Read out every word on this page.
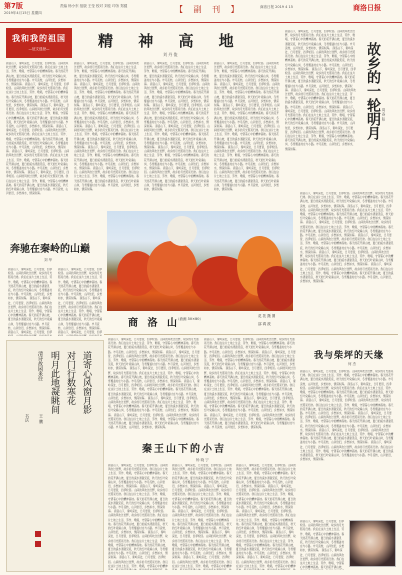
第7版
2019年4月15日 星期四
责编 杨小东 组版 王莹 校对 刘佳 印务 郑健	【 副 刊 】	商洛日报 2019 4 15	商洛日报
我和我的祖国
—征文选登—	精 神 高 地
刘 丹 俊
商洛山下，秦岭深处，日月更替，四季轮回。山间的风吹过田野，故乡的月光照亮归途。我们在这片土地上生活、劳作、歌唱，守望着心中的精神高地。春天的花开满山坡，夏日的溪水清澈见底，秋天的红叶染遍山岗，冬雪覆盖村庄与小路。岁月流转，山河依旧，乡愁如水，情深似海。 商洛山下，秦岭深处，日月更替，四季轮回。山间的风吹过田野，故乡的月光照亮归途。我们在这片土地上生活、劳作、歌唱，守望着心中的精神高地。春天的花开满山坡，夏日的溪水清澈见底，秋天的红叶染遍山岗，冬雪覆盖村庄与小路。岁月流转，山河依旧，乡愁如水，情深似海。 商洛山下，秦岭深处，日月更替，四季轮回。山间的风吹过田野，故乡的月光照亮归途。我们在这片土地上生活、劳作、歌唱，守望着心中的精神高地。春天的花开满山坡，夏日的溪水清澈见底，秋天的红叶染遍山岗，冬雪覆盖村庄与小路。岁月流转，山河依旧，乡愁如水，情深似海。 商洛山下，秦岭深处，日月更替，四季轮回。山间的风吹过田野，故乡的月光照亮归途。我们在这片土地上生活、劳作、歌唱，守望着心中的精神高地。春天的花开满山坡，夏日的溪水清澈见底，秋天的红叶染遍山岗，冬雪覆盖村庄与小路。岁月流转，山河依旧，乡愁如水，情深似海。 商洛山下，秦岭深处，日月更替，四季轮回。山间的风吹过田野，故乡的月光照亮归途。我们在这片土地上生活、劳作、歌唱，守望着心中的精神高地。春天的花开满山坡，夏日的溪水清澈见底，秋天的红叶染遍山岗，冬雪覆盖村庄与小路。岁月流转，山河依旧，乡愁如水，情深似海。 商洛山下，秦岭深处，日月更替，四季轮回。山间的风吹过田野，故乡的月光照亮归途。我们在这片土地上生活、劳作、歌唱，守望着心中的精神高地。春天的花开满山坡，夏日的溪水清澈见底，秋天的红叶染遍山岗，冬雪覆盖村庄与小路。岁月流转，山河依旧，乡愁如水，情深似海。
商洛山下，秦岭深处，日月更替，四季轮回。山间的风吹过田野，故乡的月光照亮归途。我们在这片土地上生活、劳作、歌唱，守望着心中的精神高地。春天的花开满山坡，夏日的溪水清澈见底，秋天的红叶染遍山岗，冬雪覆盖村庄与小路。岁月流转，山河依旧，乡愁如水，情深似海。 商洛山下，秦岭深处，日月更替，四季轮回。山间的风吹过田野，故乡的月光照亮归途。我们在这片土地上生活、劳作、歌唱，守望着心中的精神高地。春天的花开满山坡，夏日的溪水清澈见底，秋天的红叶染遍山岗，冬雪覆盖村庄与小路。岁月流转，山河依旧，乡愁如水，情深似海。 商洛山下，秦岭深处，日月更替，四季轮回。山间的风吹过田野，故乡的月光照亮归途。我们在这片土地上生活、劳作、歌唱，守望着心中的精神高地。春天的花开满山坡，夏日的溪水清澈见底，秋天的红叶染遍山岗，冬雪覆盖村庄与小路。岁月流转，山河依旧，乡愁如水，情深似海。 商洛山下，秦岭深处，日月更替，四季轮回。山间的风吹过田野，故乡的月光照亮归途。我们在这片土地上生活、劳作、歌唱，守望着心中的精神高地。春天的花开满山坡，夏日的溪水清澈见底，秋天的红叶染遍山岗，冬雪覆盖村庄与小路。岁月流转，山河依旧，乡愁如水，情深似海。 商洛山下，秦岭深处，日月更替，四季轮回。山间的风吹过田野，故乡的月光照亮归途。我们在这片土地上生活、劳作、歌唱，守望着心中的精神高地。春天的花开满山坡，夏日的溪水清澈见底，秋天的红叶染遍山岗，冬雪覆盖村庄与小路。岁月流转，山河依旧，乡愁如水，情深似海。 商洛山下，秦岭深处，日月更替，四季轮回。山间的风吹过田野，故乡的月光照亮归途。我们在这片土地上生活、劳作、歌唱，守望着心中的精神高地。春天的花开满山坡，夏日的溪水清澈见底，秋天的红叶染遍山岗，冬雪覆盖村庄与小路。岁月流转，山河依旧，乡愁如水，情深似海。
商洛山下，秦岭深处，日月更替，四季轮回。山间的风吹过田野，故乡的月光照亮归途。我们在这片土地上生活、劳作、歌唱，守望着心中的精神高地。春天的花开满山坡，夏日的溪水清澈见底，秋天的红叶染遍山岗，冬雪覆盖村庄与小路。岁月流转，山河依旧，乡愁如水，情深似海。 商洛山下，秦岭深处，日月更替，四季轮回。山间的风吹过田野，故乡的月光照亮归途。我们在这片土地上生活、劳作、歌唱，守望着心中的精神高地。春天的花开满山坡，夏日的溪水清澈见底，秋天的红叶染遍山岗，冬雪覆盖村庄与小路。岁月流转，山河依旧，乡愁如水，情深似海。 商洛山下，秦岭深处，日月更替，四季轮回。山间的风吹过田野，故乡的月光照亮归途。我们在这片土地上生活、劳作、歌唱，守望着心中的精神高地。春天的花开满山坡，夏日的溪水清澈见底，秋天的红叶染遍山岗，冬雪覆盖村庄与小路。岁月流转，山河依旧，乡愁如水，情深似海。 商洛山下，秦岭深处，日月更替，四季轮回。山间的风吹过田野，故乡的月光照亮归途。我们在这片土地上生活、劳作、歌唱，守望着心中的精神高地。春天的花开满山坡，夏日的溪水清澈见底，秋天的红叶染遍山岗，冬雪覆盖村庄与小路。岁月流转，山河依旧，乡愁如水，情深似海。 商洛山下，秦岭深处，日月更替，四季轮回。山间的风吹过田野，故乡的月光照亮归途。我们在这片土地上生活、劳作、歌唱，守望着心中的精神高地。春天的花开满山坡，夏日的溪水清澈见底，秋天的红叶染遍山岗，冬雪覆盖村庄与小路。岁月流转，山河依旧，乡愁如水，情深似海。 商洛山下，秦岭深处，日月更替，四季轮回。山间的风吹过田野，故乡的月光照亮归途。我们在这片土地上生活、劳作、歌唱，守望着心中的精神高地。春天的花开满山坡，夏日的溪水清澈见底，秋天的红叶染遍山岗，冬雪覆盖村庄与小路。岁月流转，山河依旧，乡愁如水，情深似海。
商洛山下，秦岭深处，日月更替，四季轮回。山间的风吹过田野，故乡的月光照亮归途。我们在这片土地上生活、劳作、歌唱，守望着心中的精神高地。春天的花开满山坡，夏日的溪水清澈见底，秋天的红叶染遍山岗，冬雪覆盖村庄与小路。岁月流转，山河依旧，乡愁如水，情深似海。 商洛山下，秦岭深处，日月更替，四季轮回。山间的风吹过田野，故乡的月光照亮归途。我们在这片土地上生活、劳作、歌唱，守望着心中的精神高地。春天的花开满山坡，夏日的溪水清澈见底，秋天的红叶染遍山岗，冬雪覆盖村庄与小路。岁月流转，山河依旧，乡愁如水，情深似海。 商洛山下，秦岭深处，日月更替，四季轮回。山间的风吹过田野，故乡的月光照亮归途。我们在这片土地上生活、劳作、歌唱，守望着心中的精神高地。春天的花开满山坡，夏日的溪水清澈见底，秋天的红叶染遍山岗，冬雪覆盖村庄与小路。岁月流转，山河依旧，乡愁如水，情深似海。 商洛山下，秦岭深处，日月更替，四季轮回。山间的风吹过田野，故乡的月光照亮归途。我们在这片土地上生活、劳作、歌唱，守望着心中的精神高地。春天的花开满山坡，夏日的溪水清澈见底，秋天的红叶染遍山岗，冬雪覆盖村庄与小路。岁月流转，山河依旧，乡愁如水，情深似海。 商洛山下，秦岭深处，日月更替，四季轮回。山间的风吹过田野，故乡的月光照亮归途。我们在这片土地上生活、劳作、歌唱，守望着心中的精神高地。春天的花开满山坡，夏日的溪水清澈见底，秋天的红叶染遍山岗，冬雪覆盖村庄与小路。岁月流转，山河依旧，乡愁如水，情深似海。 商洛山下，秦岭深处，日月更替，四季轮回。山间的风吹过田野，故乡的月光照亮归途。我们在这片土地上生活、劳作、歌唱，守望着心中的精神高地。春天的花开满山坡，夏日的溪水清澈见底，秋天的红叶染遍山岗，冬雪覆盖村庄与小路。岁月流转，山河依旧，乡愁如水，情深似海。
故乡的一轮明月 周 春 阳
商洛山下，秦岭深处，日月更替，四季轮回。山间的风吹过田野，故乡的月光照亮归途。我们在这片土地上生活、劳作、歌唱，守望着心中的精神高地。春天的花开满山坡，夏日的溪水清澈见底，秋天的红叶染遍山岗，冬雪覆盖村庄与小路。岁月流转，山河依旧，乡愁如水，情深似海。 商洛山下，秦岭深处，日月更替，四季轮回。山间的风吹过田野，故乡的月光照亮归途。我们在这片土地上生活、劳作、歌唱，守望着心中的精神高地。春天的花开满山坡，夏日的溪水清澈见底，秋天的红叶染遍山岗，冬雪覆盖村庄与小路。岁月流转，山河依旧，乡愁如水，情深似海。 商洛山下，秦岭深处，日月更替，四季轮回。山间的风吹过田野，故乡的月光照亮归途。我们在这片土地上生活、劳作、歌唱，守望着心中的精神高地。春天的花开满山坡，夏日的溪水清澈见底，秋天的红叶染遍山岗，冬雪覆盖村庄与小路。岁月流转，山河依旧，乡愁如水，情深似海。 商洛山下，秦岭深处，日月更替，四季轮回。山间的风吹过田野，故乡的月光照亮归途。我们在这片土地上生活、劳作、歌唱，守望着心中的精神高地。春天的花开满山坡，夏日的溪水清澈见底，秋天的红叶染遍山岗，冬雪覆盖村庄与小路。岁月流转，山河依旧，乡愁如水，情深似海。 商洛山下，秦岭深处，日月更替，四季轮回。山间的风吹过田野，故乡的月光照亮归途。我们在这片土地上生活、劳作、歌唱，守望着心中的精神高地。春天的花开满山坡，夏日的溪水清澈见底，秋天的红叶染遍山岗，冬雪覆盖村庄与小路。岁月流转，山河依旧，乡愁如水，情深似海。 商洛山下，秦岭深处，日月更替，四季轮回。山间的风吹过田野，故乡的月光照亮归途。我们在这片土地上生活、劳作、歌唱，守望着心中的精神高地。春天的花开满山坡，夏日的溪水清澈见底，秋天的红叶染遍山岗，冬雪覆盖村庄与小路。岁月流转，山河依旧，乡愁如水，情深似海。
商洛山下，秦岭深处，日月更替，四季轮回。山间的风吹过田野，故乡的月光照亮归途。我们在这片土地上生活、劳作、歌唱，守望着心中的精神高地。春天的花开满山坡，夏日的溪水清澈见底，秋天的红叶染遍山岗，冬雪覆盖村庄与小路。岁月流转，山河依旧，乡愁如水，情深似海。 商洛山下，秦岭深处，日月更替，四季轮回。山间的风吹过田野，故乡的月光照亮归途。我们在这片土地上生活、劳作、歌唱，守望着心中的精神高地。春天的花开满山坡，夏日的溪水清澈见底，秋天的红叶染遍山岗，冬雪覆盖村庄与小路。岁月流转，山河依旧，乡愁如水，情深似海。 商洛山下，秦岭深处，日月更替，四季轮回。山间的风吹过田野，故乡的月光照亮归途。我们在这片土地上生活、劳作、歌唱，守望着心中的精神高地。春天的花开满山坡，夏日的溪水清澈见底，秋天的红叶染遍山岗，冬雪覆盖村庄与小路。岁月流转，山河依旧，乡愁如水，情深似海。 商洛山下，秦岭深处，日月更替，四季轮回。山间的风吹过田野，故乡的月光照亮归途。我们在这片土地上生活、劳作、歌唱，守望着心中的精神高地。春天的花开满山坡，夏日的溪水清澈见底，秋天的红叶染遍山岗，冬雪覆盖村庄与小路。岁月流转，山河依旧，乡愁如水，情深似海。 商洛山下，秦岭深处，日月更替，四季轮回。山间的风吹过田野，故乡的月光照亮归途。我们在这片土地上生活、劳作、歌唱，守望着心中的精神高地。春天的花开满山坡，夏日的溪水清澈见底，秋天的红叶染遍山岗，冬雪覆盖村庄与小路。岁月流转，山河依旧，乡愁如水，情深似海。 商洛山下，秦岭深处，日月更替，四季轮回。山间的风吹过田野，故乡的月光照亮归途。我们在这片土地上生活、劳作、歌唱，守望着心中的精神高地。春天的花开满山坡，夏日的溪水清澈见底，秋天的红叶染遍山岗，冬雪覆盖村庄与小路。岁月流转，山河依旧，乡愁如水，情深似海。
奔驰在秦岭的山巅
刘 华
商洛山下，秦岭深处，日月更替，四季轮回。山间的风吹过田野，故乡的月光照亮归途。我们在这片土地上生活、劳作、歌唱，守望着心中的精神高地。春天的花开满山坡，夏日的溪水清澈见底，秋天的红叶染遍山岗，冬雪覆盖村庄与小路。岁月流转，山河依旧，乡愁如水，情深似海。 商洛山下，秦岭深处，日月更替，四季轮回。山间的风吹过田野，故乡的月光照亮归途。我们在这片土地上生活、劳作、歌唱，守望着心中的精神高地。春天的花开满山坡，夏日的溪水清澈见底，秋天的红叶染遍山岗，冬雪覆盖村庄与小路。岁月流转，山河依旧，乡愁如水，情深似海。 商洛山下，秦岭深处，日月更替，四季
商洛山下，秦岭深处，日月更替，四季轮回。山间的风吹过田野，故乡的月光照亮归途。我们在这片土地上生活、劳作、歌唱，守望着心中的精神高地。春天的花开满山坡，夏日的溪水清澈见底，秋天的红叶染遍山岗，冬雪覆盖村庄与小路。岁月流转，山河依旧，乡愁如水，情深似海。 商洛山下，秦岭深处，日月更替，四季轮回。山间的风吹过田野，故乡的月光照亮归途。我们在这片土地上生活、劳作、歌唱，守望着心中的精神高地。春天的花开满山坡，夏日的溪水清澈见底，秋天的红叶染遍山岗，冬雪覆盖村庄与小路。岁月流转，山河依旧，乡愁如水，情深似海。 商洛山下，秦岭深处，日月更替，四季
商 洛 山
（油画 50×80）
花 扶 摄 图
邵 鸿 波
道寄心风窗月影
对门行数寒花
明月此地凝眺间
清诗故园来往
书法 王 鹏
商洛山下，秦岭深处，日月更替，四季轮回。山间的风吹过田野，故乡的月光照亮归途。我们在这片土地上生活、劳作、歌唱，守望着心中的精神高地。春天的花开满山坡，夏日的溪水清澈见底，秋天的红叶染遍山岗，冬雪覆盖村庄与小路。岁月流转，山河依旧，乡愁如水，情深似海。 商洛山下，秦岭深处，日月更替，四季轮回。山间的风吹过田野，故乡的月光照亮归途。我们在这片土地上生活、劳作、歌唱，守望着心中的精神高地。春天的花开满山坡，夏日的溪水清澈见底，秋天的红叶染遍山岗，冬雪覆盖村庄与小路。岁月流转，山河依旧，乡愁如水，情深似海。 商洛山下，秦岭深处，日月更替，四季轮回。山间的风吹过田野，故乡的月光照亮归途。我们在这片土地上生活、劳作、歌唱，守望着心中的精神高地。春天的花开满山坡，夏日的溪水清澈见底，秋天的红叶染遍山岗，冬雪覆盖村庄与小路。岁月流转，山河依旧，乡愁如水，情深似海。 商洛山下，秦岭深处，日月更替，四季轮回。山间的风吹过田野，故乡的月光照亮归途。我们在这片土地上生活、劳作、歌唱，守望着心中的精神高地。春天的花开满山坡，夏日的溪水清澈见底，秋天的红叶染遍山岗，冬雪覆盖村庄与小路。岁月流转，山河依旧，乡愁如水，情深似海。 商洛山下，秦岭深处，日月更替，四季轮回。山间的风吹过田野，故乡的月光照亮归途。我们在这片土地上生活、劳作、歌唱，守望着心中的精神高地。春天的花开满山坡，夏日的溪水清澈见底，秋天的红叶染遍山岗，冬雪覆盖村庄与小路。岁月流转，山河依旧，乡愁如水，情深似海。 商洛山下，秦岭深处，日月更替，四季轮回。山间的风吹过田野，故乡的月光照亮归途。我们在这片土地上生活、劳作、歌唱，守望着心中的精神高地。春天的花开满山坡，夏日的溪水清澈见底，秋天的红叶染遍山岗，冬雪覆盖村庄与小路。岁月流转，山河依旧，乡愁如水，情深似海。
商洛山下，秦岭深处，日月更替，四季轮回。山间的风吹过田野，故乡的月光照亮归途。我们在这片土地上生活、劳作、歌唱，守望着心中的精神高地。春天的花开满山坡，夏日的溪水清澈见底，秋天的红叶染遍山岗，冬雪覆盖村庄与小路。岁月流转，山河依旧，乡愁如水，情深似海。 商洛山下，秦岭深处，日月更替，四季轮回。山间的风吹过田野，故乡的月光照亮归途。我们在这片土地上生活、劳作、歌唱，守望着心中的精神高地。春天的花开满山坡，夏日的溪水清澈见底，秋天的红叶染遍山岗，冬雪覆盖村庄与小路。岁月流转，山河依旧，乡愁如水，情深似海。 商洛山下，秦岭深处，日月更替，四季轮回。山间的风吹过田野，故乡的月光照亮归途。我们在这片土地上生活、劳作、歌唱，守望着心中的精神高地。春天的花开满山坡，夏日的溪水清澈见底，秋天的红叶染遍山岗，冬雪覆盖村庄与小路。岁月流转，山河依旧，乡愁如水，情深似海。 商洛山下，秦岭深处，日月更替，四季轮回。山间的风吹过田野，故乡的月光照亮归途。我们在这片土地上生活、劳作、歌唱，守望着心中的精神高地。春天的花开满山坡，夏日的溪水清澈见底，秋天的红叶染遍山岗，冬雪覆盖村庄与小路。岁月流转，山河依旧，乡愁如水，情深似海。 商洛山下，秦岭深处，日月更替，四季轮回。山间的风吹过田野，故乡的月光照亮归途。我们在这片土地上生活、劳作、歌唱，守望着心中的精神高地。春天的花开满山坡，夏日的溪水清澈见底，秋天的红叶染遍山岗，冬雪覆盖村庄与小路。岁月流转，山河依旧，乡愁如水，情深似海。 商洛山下，秦岭深处，日月更替，四季轮回。山间的风吹过田野，故乡的月光照亮归途。我们在这片土地上生活、劳作、歌唱，守望着心中的精神高地。春天的花开满山坡，夏日的溪水清澈见底，秋天的红叶染遍山岗，冬雪覆盖村庄与小路。岁月流转，山河依旧，乡愁如水，情深似海。
秦王山下的小吉
杨 晓 宁
商洛山下，秦岭深处，日月更替，四季轮回。山间的风吹过田野，故乡的月光照亮归途。我们在这片土地上生活、劳作、歌唱，守望着心中的精神高地。春天的花开满山坡，夏日的溪水清澈见底，秋天的红叶染遍山岗，冬雪覆盖村庄与小路。岁月流转，山河依旧，乡愁如水，情深似海。 商洛山下，秦岭深处，日月更替，四季轮回。山间的风吹过田野，故乡的月光照亮归途。我们在这片土地上生活、劳作、歌唱，守望着心中的精神高地。春天的花开满山坡，夏日的溪水清澈见底，秋天的红叶染遍山岗，冬雪覆盖村庄与小路。岁月流转，山河依旧，乡愁如水，情深似海。 商洛山下，秦岭深处，日月更替，四季轮回。山间的风吹过田野，故乡的月光照亮归途。我们在这片土地上生活、劳作、歌唱，守望着心中的精神高地。春天的花开满山坡，夏日的溪水清澈见底，秋天的红叶染遍山岗，冬雪覆盖村庄与小路。岁月流转，山河依旧，乡愁如水，情深似海。 商洛山下，秦岭深处，日月更替，四季轮回。山间的风吹过田野，故乡的月光照亮归途。我们在这片土地上生活、劳作、歌唱，守望着心中的精神高地。春天的花开满山坡，夏日的溪水清澈见底，秋天的红叶染遍山岗，冬雪覆盖村庄与小路。岁月流转，山河依旧，乡愁如水，情深似海。 商洛山下，秦岭深处，日月更替，四季轮回。山间的风吹过田野，故乡的月光照亮归途。我们在这片土地上生活、劳作、歌唱，守望着心中的精神
商洛山下，秦岭深处，日月更替，四季轮回。山间的风吹过田野，故乡的月光照亮归途。我们在这片土地上生活、劳作、歌唱，守望着心中的精神高地。春天的花开满山坡，夏日的溪水清澈见底，秋天的红叶染遍山岗，冬雪覆盖村庄与小路。岁月流转，山河依旧，乡愁如水，情深似海。 商洛山下，秦岭深处，日月更替，四季轮回。山间的风吹过田野，故乡的月光照亮归途。我们在这片土地上生活、劳作、歌唱，守望着心中的精神高地。春天的花开满山坡，夏日的溪水清澈见底，秋天的红叶染遍山岗，冬雪覆盖村庄与小路。岁月流转，山河依旧，乡愁如水，情深似海。 商洛山下，秦岭深处，日月更替，四季轮回。山间的风吹过田野，故乡的月光照亮归途。我们在这片土地上生活、劳作、歌唱，守望着心中的精神高地。春天的花开满山坡，夏日的溪水清澈见底，秋天的红叶染遍山岗，冬雪覆盖村庄与小路。岁月流转，山河依旧，乡愁如水，情深似海。 商洛山下，秦岭深处，日月更替，四季轮回。山间的风吹过田野，故乡的月光照亮归途。我们在这片土地上生活、劳作、歌唱，守望着心中的精神高地。春天的花开满山坡，夏日的溪水清澈见底，秋天的红叶染遍山岗，冬雪覆盖村庄与小路。岁月流转，山河依旧，乡愁如水，情深似海。 商洛山下，秦岭深处，日月更替，四季轮回。山间的风吹过田野，故乡的月光照亮归途。我们在这片土地上生活、劳作、歌唱，守望着心中的精神
商洛山下，秦岭深处，日月更替，四季轮回。山间的风吹过田野，故乡的月光照亮归途。我们在这片土地上生活、劳作、歌唱，守望着心中的精神高地。春天的花开满山坡，夏日的溪水清澈见底，秋天的红叶染遍山岗，冬雪覆盖村庄与小路。岁月流转，山河依旧，乡愁如水，情深似海。 商洛山下，秦岭深处，日月更替，四季轮回。山间的风吹过田野，故乡的月光照亮归途。我们在这片土地上生活、劳作、歌唱，守望着心中的精神高地。春天的花开满山坡，夏日的溪水清澈见底，秋天的红叶染遍山岗，冬雪覆盖村庄与小路。岁月流转，山河依旧，乡愁如水，情深似海。 商洛山下，秦岭深处，日月更替，四季轮回。山间的风吹过田野，故乡的月光照亮归途。我们在这片土地上生活、劳作、歌唱，守望着心中的精神高地。春天的花开满山坡，夏日的溪水清澈见底，秋天的红叶染遍山岗，冬雪覆盖村庄与小路。岁月流转，山河依旧，乡愁如水，情深似海。 商洛山下，秦岭深处，日月更替，四季轮回。山间的风吹过田野，故乡的月光照亮归途。我们在这片土地上生活、劳作、歌唱，守望着心中的精神高地。春天的花开满山坡，夏日的溪水清澈见底，秋天的红叶染遍山岗，冬雪覆盖村庄与小路。岁月流转，山河依旧，乡愁如水，情深似海。 商洛山下，秦岭深处，日月更替，四季轮回。山间的风吹过田野，故乡的月光照亮归途。我们在这片土地上生活、劳作、歌唱，守望着心中的精神
我与柴坪的天缘
何 杰
商洛山下，秦岭深处，日月更替，四季轮回。山间的风吹过田野，故乡的月光照亮归途。我们在这片土地上生活、劳作、歌唱，守望着心中的精神高地。春天的花开满山坡，夏日的溪水清澈见底，秋天的红叶染遍山岗，冬雪覆盖村庄与小路。岁月流转，山河依旧，乡愁如水，情深似海。 商洛山下，秦岭深处，日月更替，四季轮回。山间的风吹过田野，故乡的月光照亮归途。我们在这片土地上生活、劳作、歌唱，守望着心中的精神高地。春天的花开满山坡，夏日的溪水清澈见底，秋天的红叶染遍山岗，冬雪覆盖村庄与小路。岁月流转，山河依旧，乡愁如水，情深似海。 商洛山下，秦岭深处，日月更替，四季轮回。山间的风吹过田野，故乡的月光照亮归途。我们在这片土地上生活、劳作、歌唱，守望着心中的精神高地。春天的花开满山坡，夏日的溪水清澈见底，秋天的红叶染遍山岗，冬雪覆盖村庄与小路。岁月流转，山河依旧，乡愁如水，情深似海。 商洛山下，秦岭深处，日月更替，四季轮回。山间的风吹过田野，故乡的月光照亮归途。我们在这片土地上生活、劳作、歌唱，守望着心中的精神高地。春天的花开满山坡，夏日的溪水清澈见底，秋天的红叶染遍山岗，冬雪覆盖村庄与小路。岁月流转，山河依旧，乡愁如水，情深似海。 商洛山下，秦岭深处，日月更替，四季轮回。山间的风吹过田野，故乡的月光照亮归途。我们在这片土地上生活、劳作、歌唱，守望着心中的精神高地。春天的花开满山坡，夏日的溪水清澈见底，秋天的红叶染遍山岗，冬雪覆盖村庄与小路。岁月流转，山河依旧，乡愁如水，情深似海。 商洛山下，秦岭深处，日月更替，四季轮回。山间的风吹过田野，故乡的月光照亮归途。我们在这片土地上生活、劳作、歌唱，守望着心中的精神高地。春天的花开满山坡，夏日的溪水清澈见底，秋天的红叶染遍山岗，冬雪覆盖村庄与小路。岁月流转，山河依旧，乡愁如水，情深似海。
商洛山下，秦岭深处，日月更替，四季轮回。山间的风吹过田野，故乡的月光照亮归途。我们在这片土地上生活、劳作、歌唱，守望着心中的精神高地。春天的花开满山坡，夏日的溪水清澈见底，秋天的红叶染遍山岗，冬雪覆盖村庄与小路。岁月流转，山河依旧，乡愁如水，情深似海。 商洛山下，秦岭深处，日月更替，四季轮回。山间的风吹过田野，故乡的月光照亮归途。我们在这片土地上生活、劳作、歌唱，守望着心中的精神高地。春天的花开满山坡，
